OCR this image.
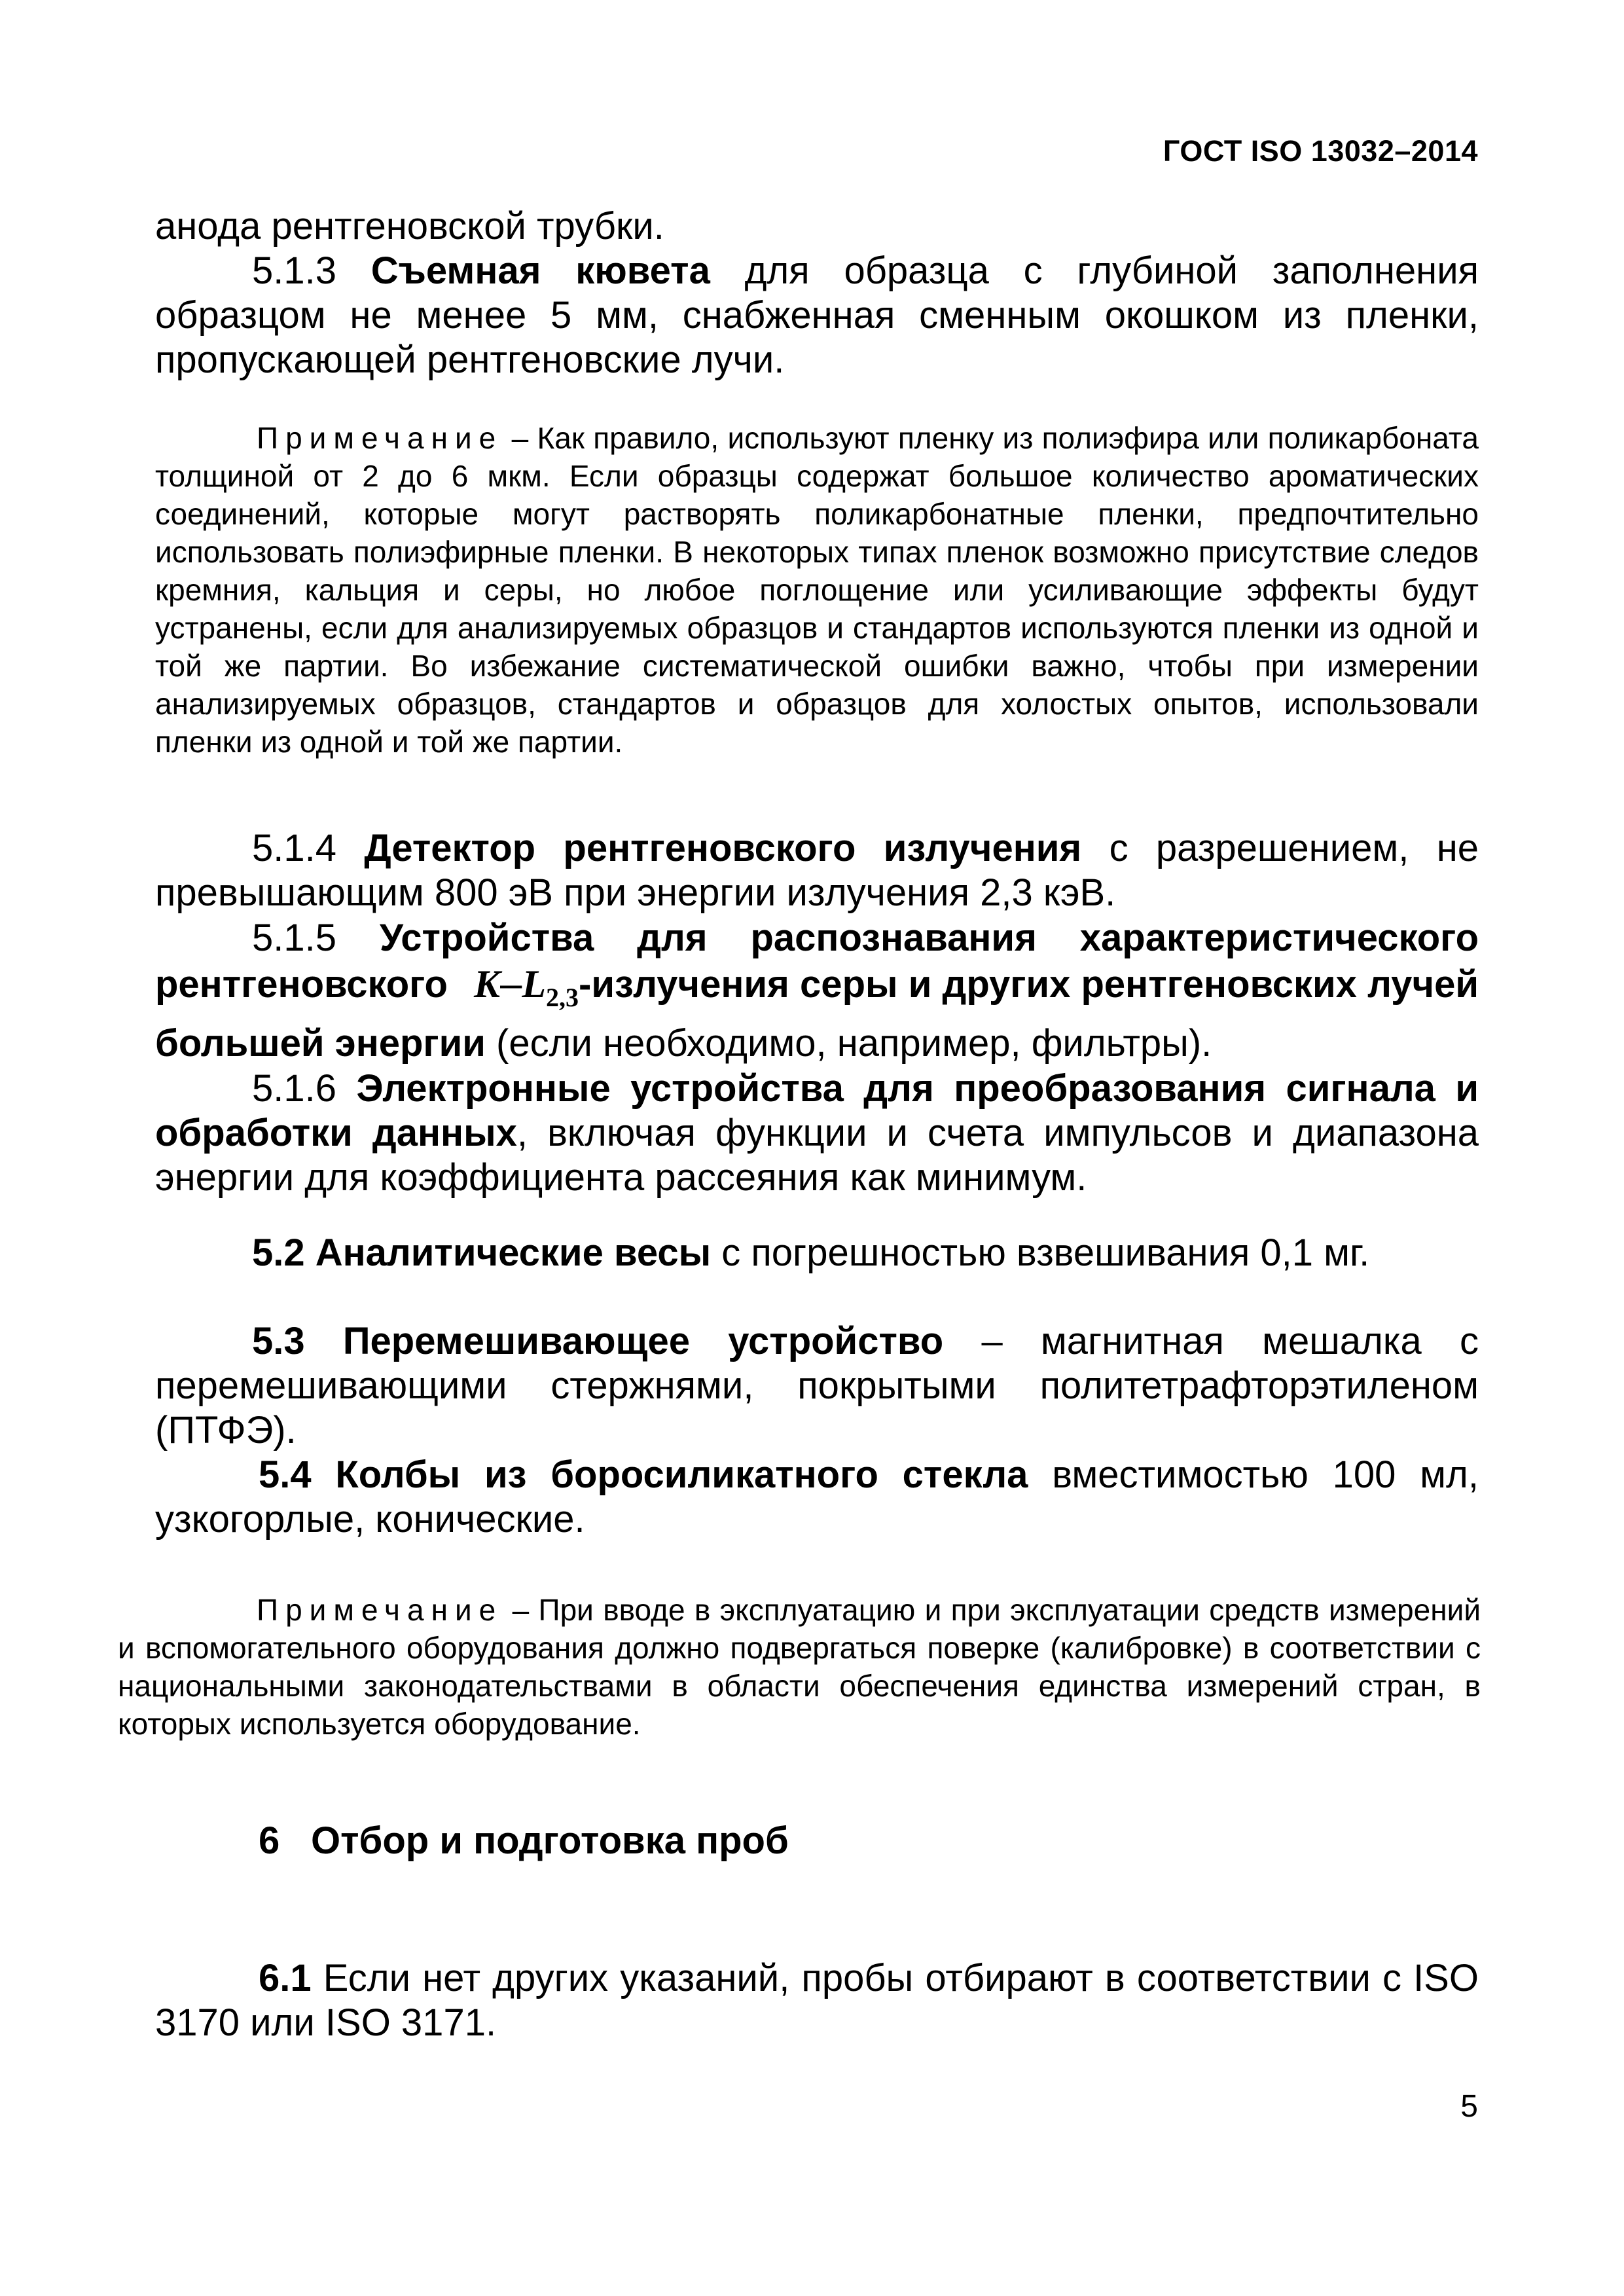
ГОСТ ISO 13032–2014

анода рентгеновской трубки.

5.1.3 Съемная кювета для образца с глубиной заполнения образцом не менее 5 мм, снабженная сменным окошком из пленки, пропускающей рентгеновские лучи.

Примечание – Как правило, используют пленку из полиэфира или поликарбоната толщиной от 2 до 6 мкм. Если образцы содержат большое количество ароматических соединений, которые могут растворять поликарбонатные пленки, предпочтительно использовать полиэфирные пленки. В некоторых типах пленок возможно присутствие следов кремния, кальция и серы, но любое поглощение или усиливающие эффекты будут устранены, если для анализируемых образцов и стандартов используются пленки из одной и той же партии. Во избежание систематической ошибки важно, чтобы при измерении анализируемых образцов, стандартов и образцов для холостых опытов, использовали пленки из одной и той же партии.

5.1.4 Детектор рентгеновского излучения с разрешением, не превышающим 800 эВ при энергии излучения 2,3 кэВ.

5.1.5 Устройства для распознавания характеристического рентгеновского $K-L_{2,3}$-излучения серы и других рентгеновских лучей большей энергии (если необходимо, например, фильтры).

5.1.6 Электронные устройства для преобразования сигнала и обработки данных, включая функции и счета импульсов и диапазона энергии для коэффициента рассеяния как минимум.

5.2 Аналитические весы с погрешностью взвешивания 0,1 мг.

5.3 Перемешивающее устройство – магнитная мешалка с перемешивающими стержнями, покрытыми политетрафторэтиленом (ПТФЭ).

5.4 Колбы из боросиликатного стекла вместимостью 100 мл, узкогорлые, конические.

Примечание – При вводе в эксплуатацию и при эксплуатации средств измерений и вспомогательного оборудования должно подвергаться поверке (калибровке) в соответствии с национальными законодательствами в области обеспечения единства измерений стран, в которых используется оборудование.

6 Отбор и подготовка проб

6.1 Если нет других указаний, пробы отбирают в соответствии с ISO 3170 или ISO 3171.

5
